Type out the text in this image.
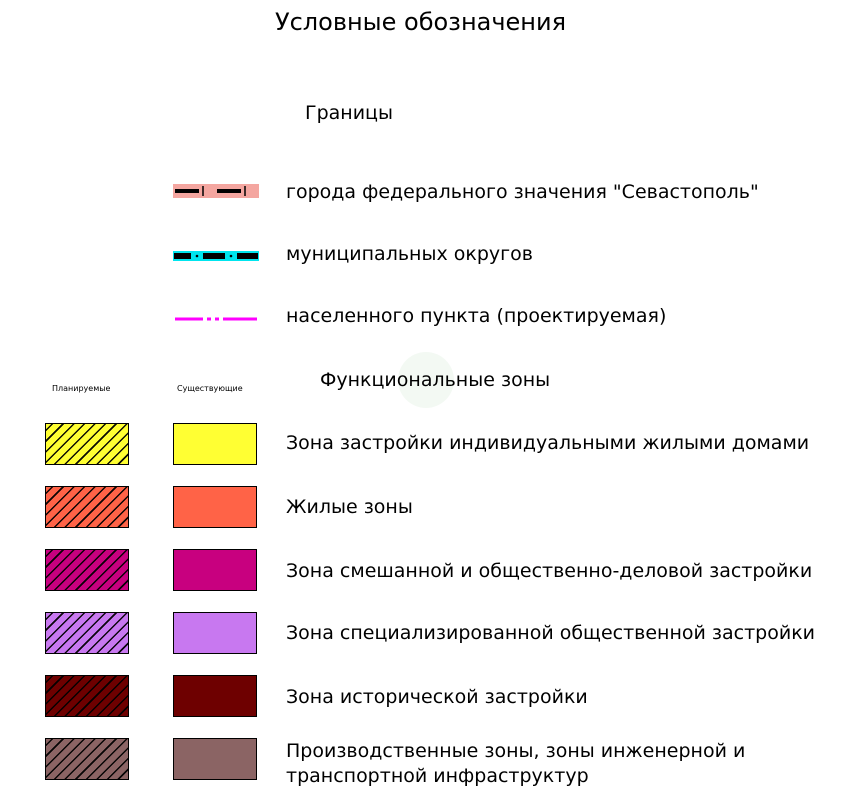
Условные обозначения
Границы
города федерального значения "Севастополь"
муниципальных округов
населенного пункта (проектируемая)
Функциональные зоны
Планируемые	Существующие
Зона застройки индивидуальными жилыми домами
Жилые зоны
Зона смешанной и общественно-деловой застройки
Зона специализированной общественной застройки
Зона исторической застройки
Производственные зоны, зоны инженерной и
транспортной инфраструктур
